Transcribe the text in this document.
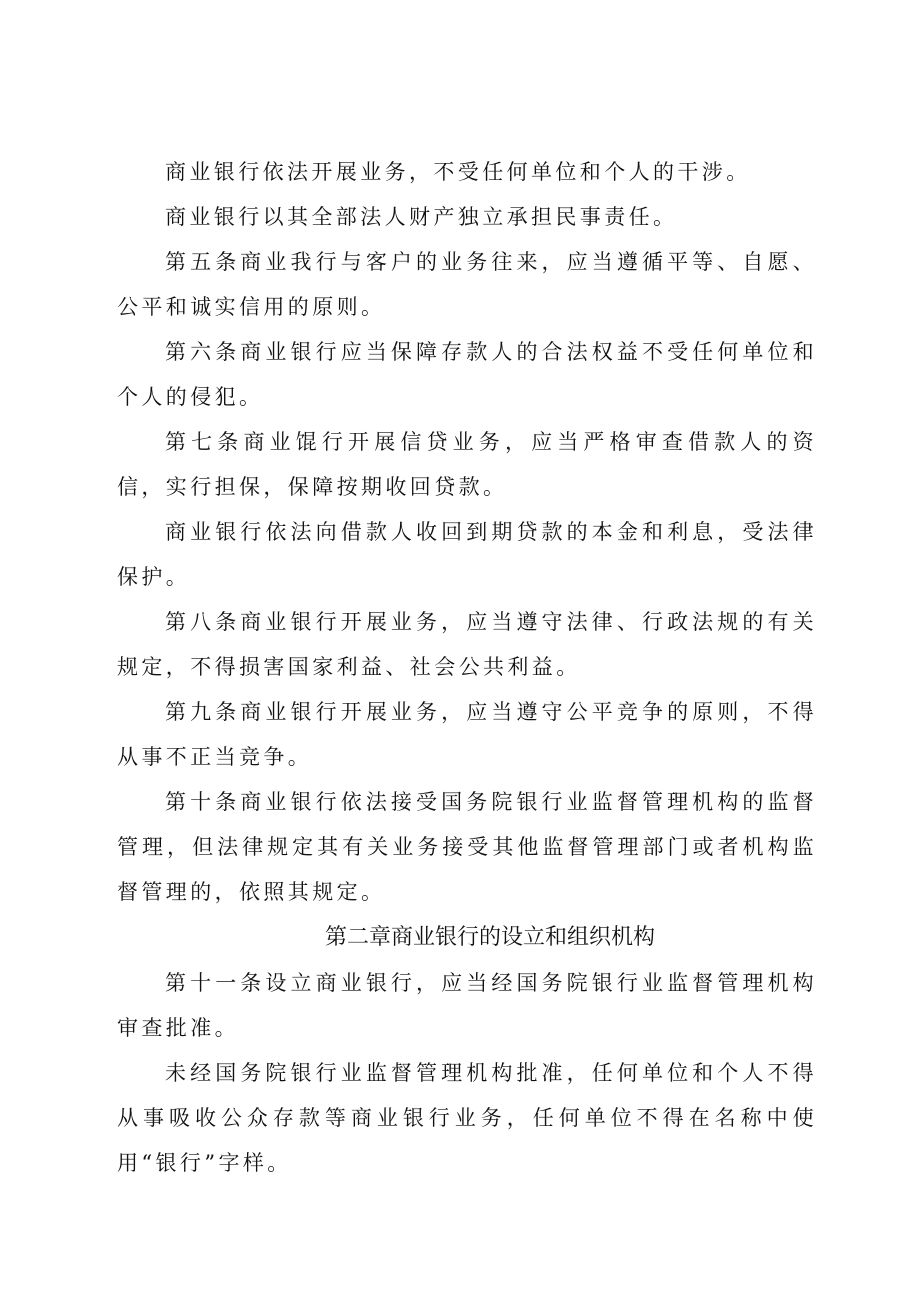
商业银行依法开展业务，不受任何单位和个人的干涉。

商业银行以其全部法人财产独立承担民事责任。

第五条商业我行与客户的业务往来，应当遵循平等、自愿、公平和诚实信用的原则。

第六条商业银行应当保障存款人的合法权益不受任何单位和个人的侵犯。

第七条商业馄行开展信贷业务，应当严格审查借款人的资信，实行担保，保障按期收回贷款。

商业银行依法向借款人收回到期贷款的本金和利息，受法律保护。

第八条商业银行开展业务，应当遵守法律、行政法规的有关规定，不得损害国家利益、社会公共利益。

第九条商业银行开展业务，应当遵守公平竞争的原则，不得从事不正当竞争。

第十条商业银行依法接受国务院银行业监督管理机构的监督管理，但法律规定其有关业务接受其他监督管理部门或者机构监督管理的，依照其规定。

第二章商业银行的设立和组织机构

第十一条设立商业银行，应当经国务院银行业监督管理机构审查批准。

未经国务院银行业监督管理机构批准，任何单位和个人不得从事吸收公众存款等商业银行业务，任何单位不得在名称中使用“银行”字样。
